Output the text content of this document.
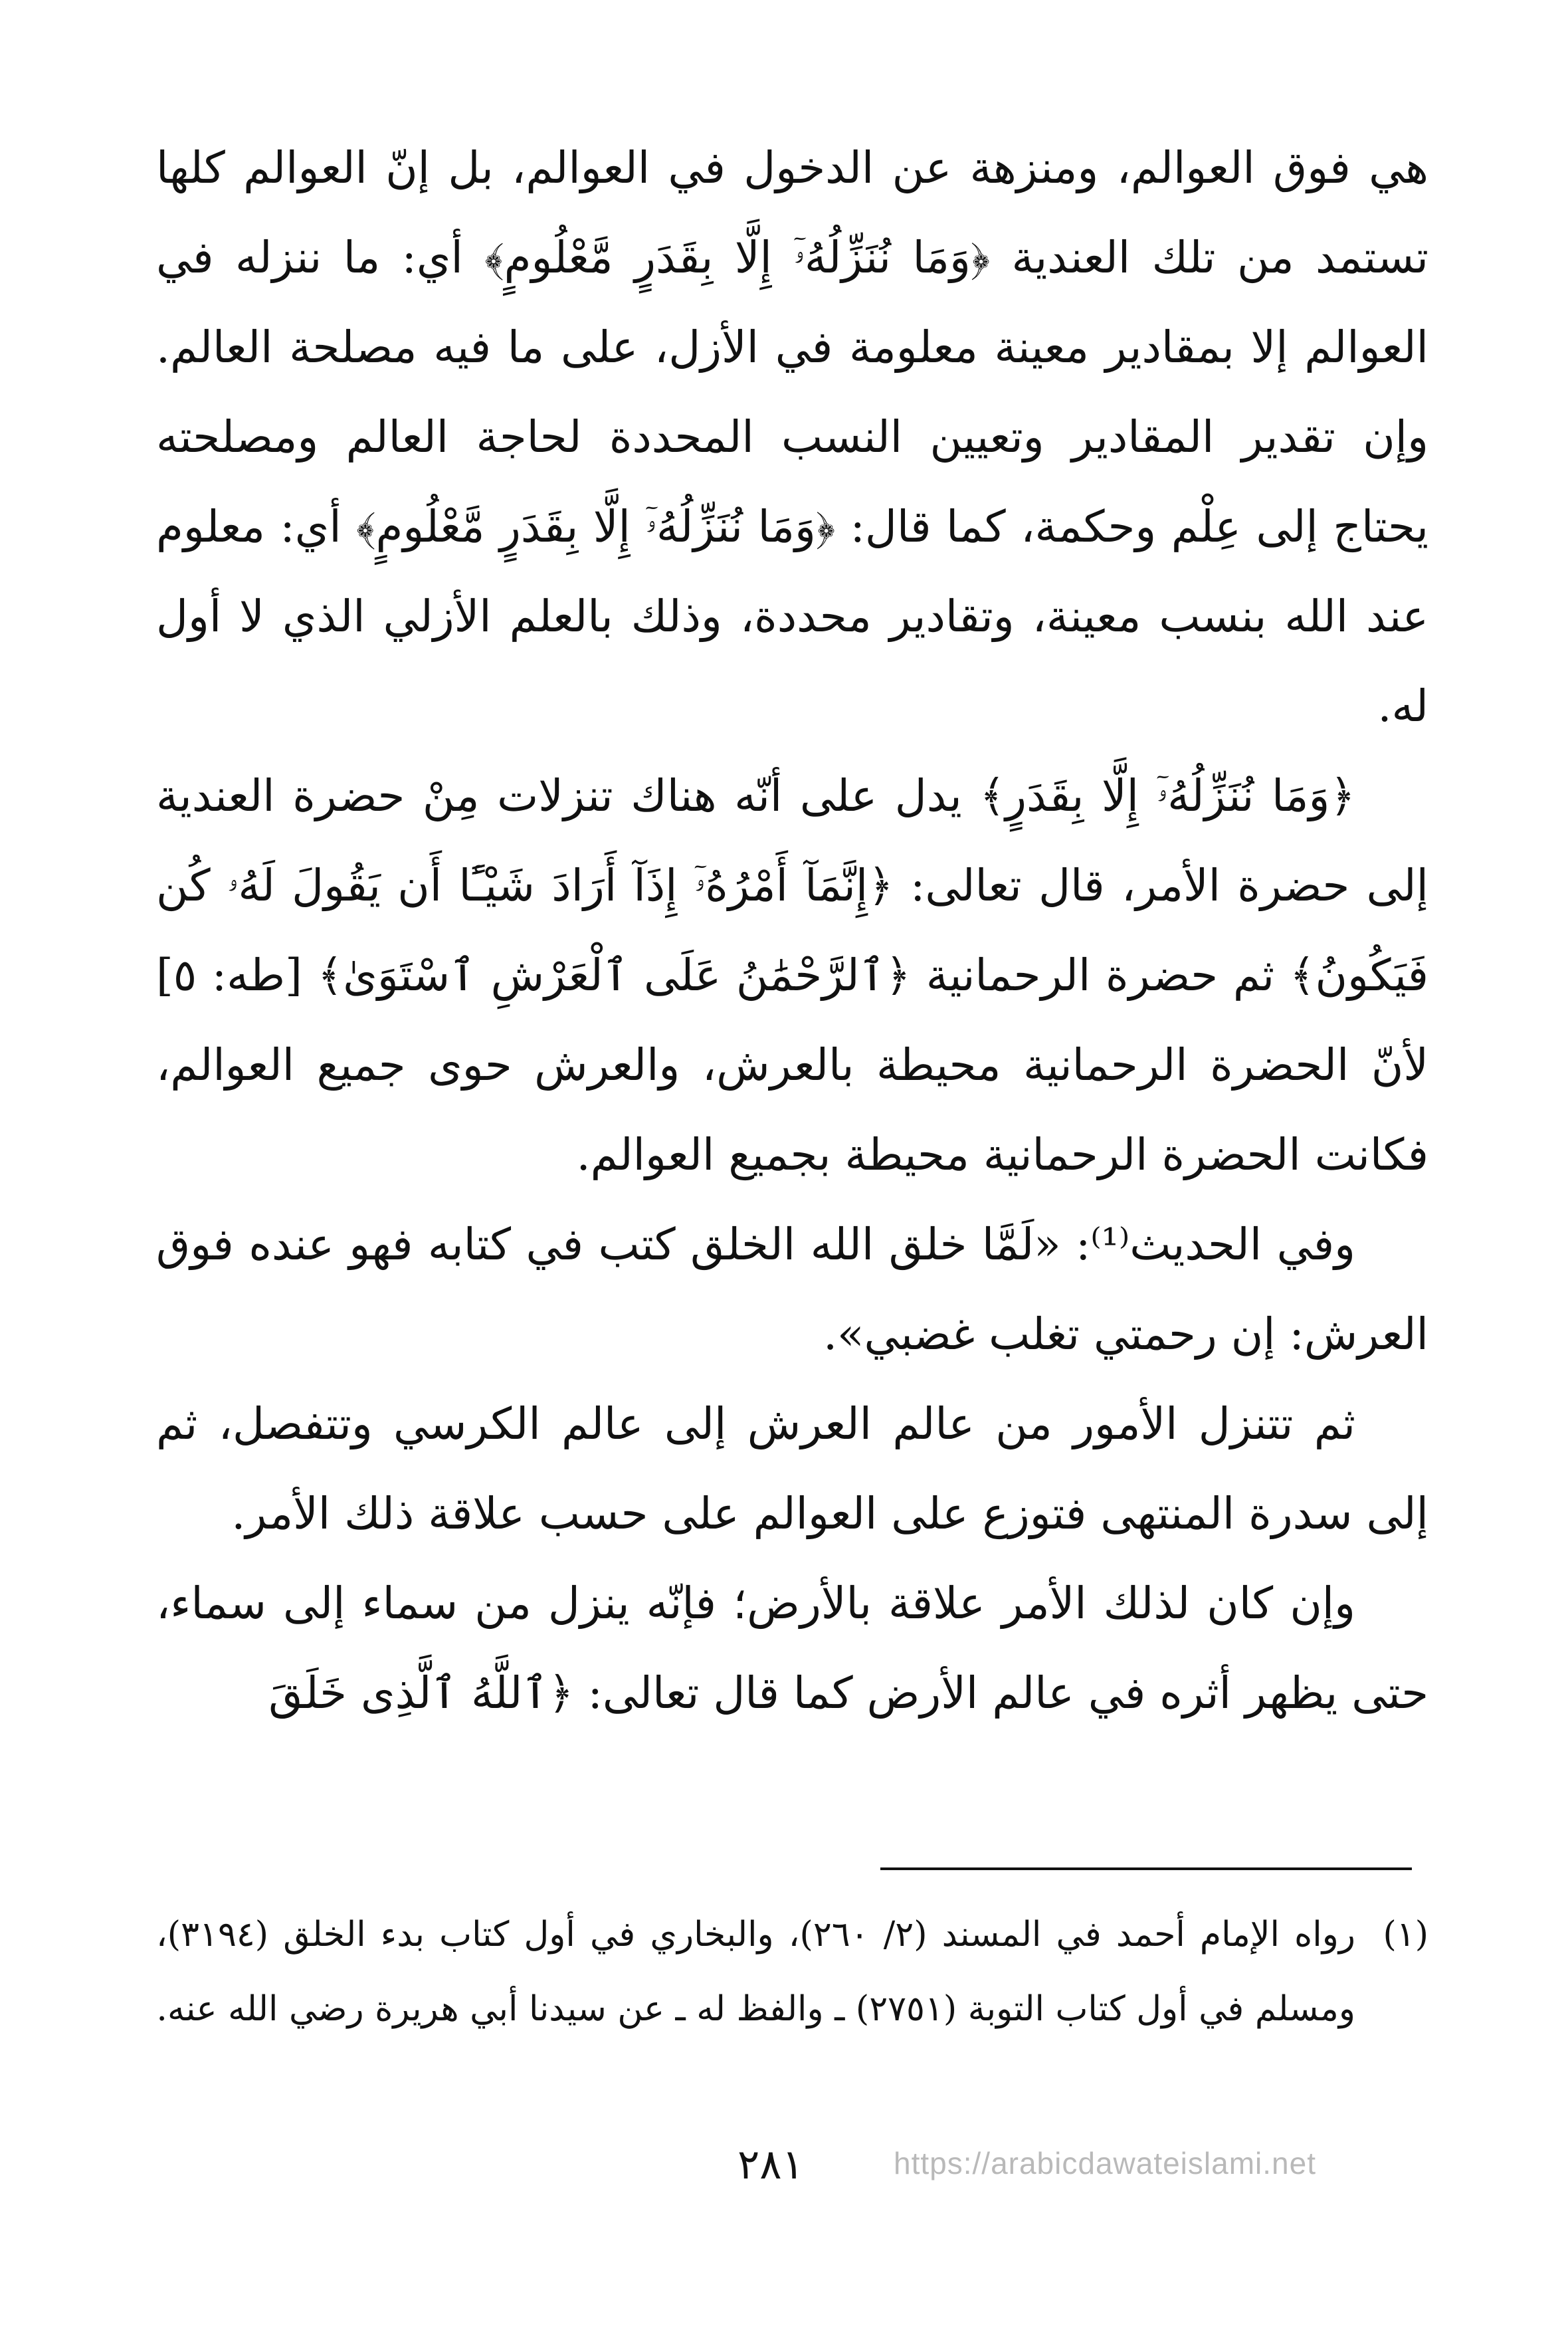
هي فوق العوالم، ومنزهة عن الدخول في العوالم، بل إنّ العوالم كلها تستمد من تلك العندية ﴿وَمَا نُنَزِّلُهُۥٓ إِلَّا بِقَدَرٍ مَّعْلُومٍ﴾ أي: ما ننزله في العوالم إلا بمقادير معينة معلومة في الأزل، على ما فيه مصلحة العالم. وإن تقدير المقادير وتعيين النسب المحددة لحاجة العالم ومصلحته يحتاج إلى عِلْم وحكمة، كما قال: ﴿وَمَا نُنَزِّلُهُۥٓ إِلَّا بِقَدَرٍ مَّعْلُومٍ﴾ أي: معلوم عند الله بنسب معينة، وتقادير محددة، وذلك بالعلم الأزلي الذي لا أول له.

﴿وَمَا نُنَزِّلُهُۥٓ إِلَّا بِقَدَرٍ﴾ يدل على أنّه هناك تنزلات مِنْ حضرة العندية إلى حضرة الأمر، قال تعالى: ﴿إِنَّمَآ أَمْرُهُۥٓ إِذَآ أَرَادَ شَيْـًٔا أَن يَقُولَ لَهُۥ كُن فَيَكُونُ﴾ ثم حضرة الرحمانية ﴿ٱلرَّحْمَٰنُ عَلَى ٱلْعَرْشِ ٱسْتَوَىٰ﴾ [طه: ٥] لأنّ الحضرة الرحمانية محيطة بالعرش، والعرش حوى جميع العوالم، فكانت الحضرة الرحمانية محيطة بجميع العوالم.

وفي الحديث⁽¹⁾: «لَمَّا خلق الله الخلق كتب في كتابه فهو عنده فوق العرش: إن رحمتي تغلب غضبي».

ثم تتنزل الأمور من عالم العرش إلى عالم الكرسي وتتفصل، ثم إلى سدرة المنتهى فتوزع على العوالم على حسب علاقة ذلك الأمر.

وإن كان لذلك الأمر علاقة بالأرض؛ فإنّه ينزل من سماء إلى سماء، حتى يظهر أثره في عالم الأرض كما قال تعالى: ﴿ٱللَّهُ ٱلَّذِى خَلَقَ

(١)
رواه الإمام أحمد في المسند (٢/ ٢٦٠)، والبخاري في أول كتاب بدء الخلق (٣١٩٤)، ومسلم في أول كتاب التوبة (٢٧٥١) ـ والفظ له ـ عن سيدنا أبي هريرة رضي الله عنه.
٢٨١	https://arabicdawateislami.net
